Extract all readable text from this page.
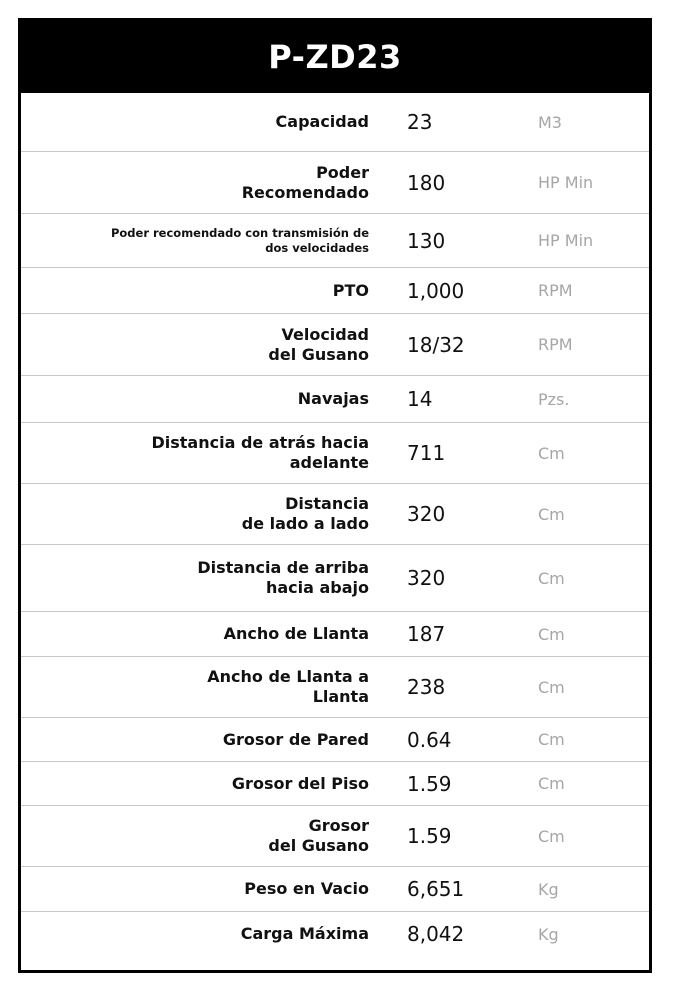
P-ZD23
Capacidad 23	M3
Poder
Recomendado 180	HP Min
Poder recomendado con transmisión de
dos velocidades 130	HP Min
PTO 1,000	RPM
Velocidad
del Gusano 18/32	RPM
Navajas 14	Pzs.
Distancia de atrás hacia
adelante 711	Cm
Distancia
de lado a lado 320	Cm
Distancia de arriba
hacia abajo 320	Cm
Ancho de Llanta 187	Cm
Ancho de Llanta a
Llanta 238	Cm
Grosor de Pared 0.64	Cm
Grosor del Piso 1.59	Cm
Grosor
del Gusano 1.59	Cm
Peso en Vacio 6,651	Kg
Carga Máxima 8,042	Kg
